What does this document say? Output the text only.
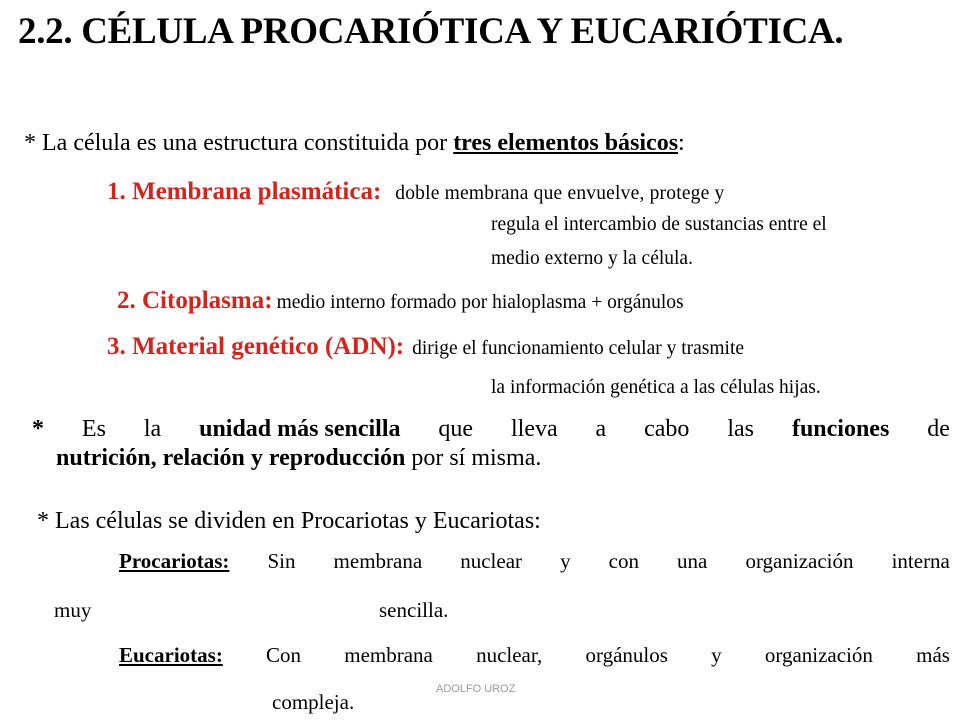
2.2. CÉLULA PROCARIÓTICA Y EUCARIÓTICA.
* La célula es una estructura constituida por tres elementos básicos:
1. Membrana plasmática: doble membrana que envuelve, protege y
regula el intercambio de sustancias entre el
medio externo y la célula.
2. Citoplasma: medio interno formado por hialoplasma + orgánulos
3. Material genético (ADN): dirige el funcionamiento celular y trasmite
la información genética a las células hijas.
* Es la unidad más sencilla que lleva a cabo las funciones de
nutrición, relación y reproducción por sí misma.
* Las células se dividen en Procariotas y Eucariotas:
Procariotas: Sin membrana nuclear y con una organización interna
muy	sencilla.
Eucariotas: Con membrana nuclear, orgánulos y organización más
compleja.
ADOLFO UROZ
